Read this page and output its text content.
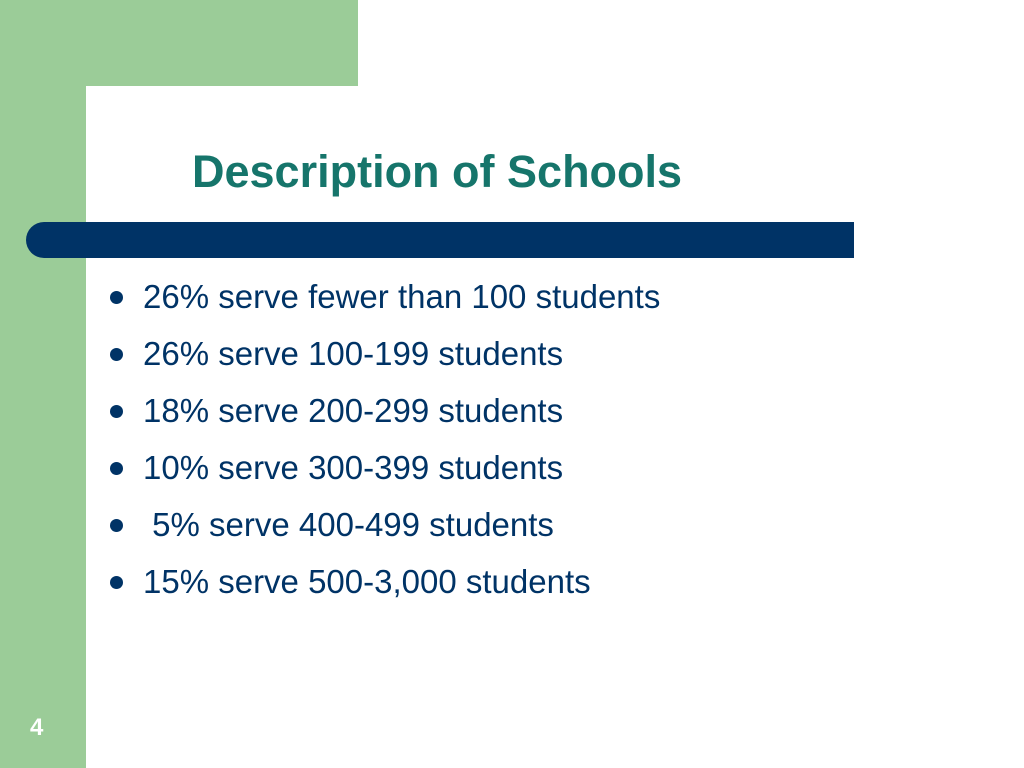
Description of Schools

26% serve fewer than 100 students

26% serve 100-199 students

18% serve 200-299 students

10% serve 300-399 students

5% serve 400-499 students

15% serve 500-3,000 students

4
